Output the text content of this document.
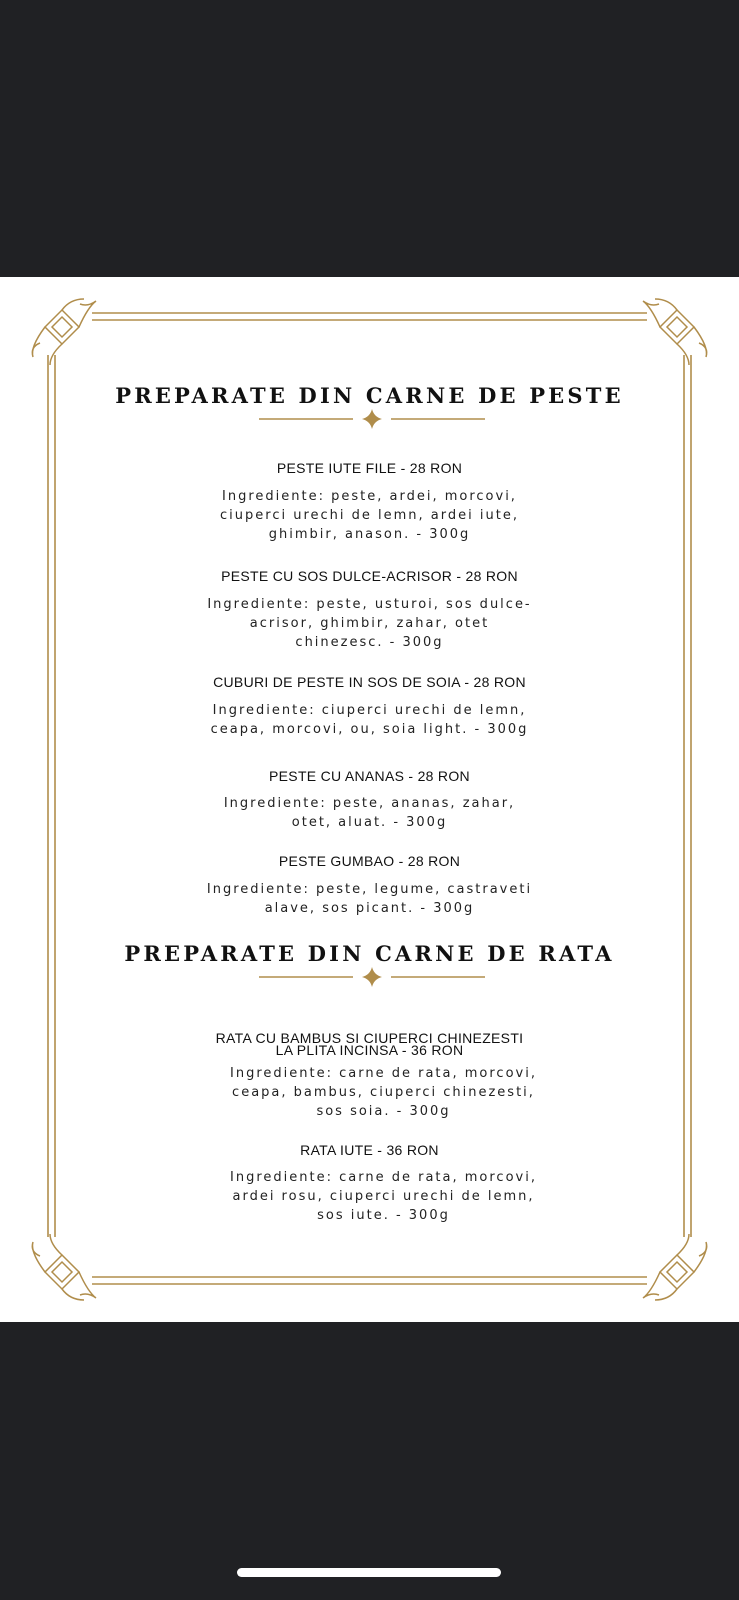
PREPARATE DIN CARNE DE PESTE

PESTE IUTE FILE - 28 RON

Ingrediente: peste, ardei, morcovi,
ciuperci urechi de lemn, ardei iute,
ghimbir, anason. - 300g

PESTE CU SOS DULCE-ACRISOR - 28 RON

Ingrediente: peste, usturoi, sos dulce-
acrisor, ghimbir, zahar, otet
chinezesc. - 300g

CUBURI DE PESTE IN SOS DE SOIA - 28 RON

Ingrediente: ciuperci urechi de lemn,
ceapa, morcovi, ou, soia light. - 300g

PESTE CU ANANAS - 28 RON

Ingrediente: peste, ananas, zahar,
otet, aluat. - 300g

PESTE GUMBAO - 28 RON

Ingrediente: peste, legume, castraveti
alave, sos picant. - 300g

PREPARATE DIN CARNE DE RATA

RATA CU BAMBUS SI CIUPERCI CHINEZESTI
LA PLITA INCINSA - 36 RON

Ingrediente: carne de rata, morcovi,
ceapa, bambus, ciuperci chinezesti,
sos soia. - 300g

RATA IUTE - 36 RON

Ingrediente: carne de rata, morcovi,
ardei rosu, ciuperci urechi de lemn,
sos iute. - 300g
